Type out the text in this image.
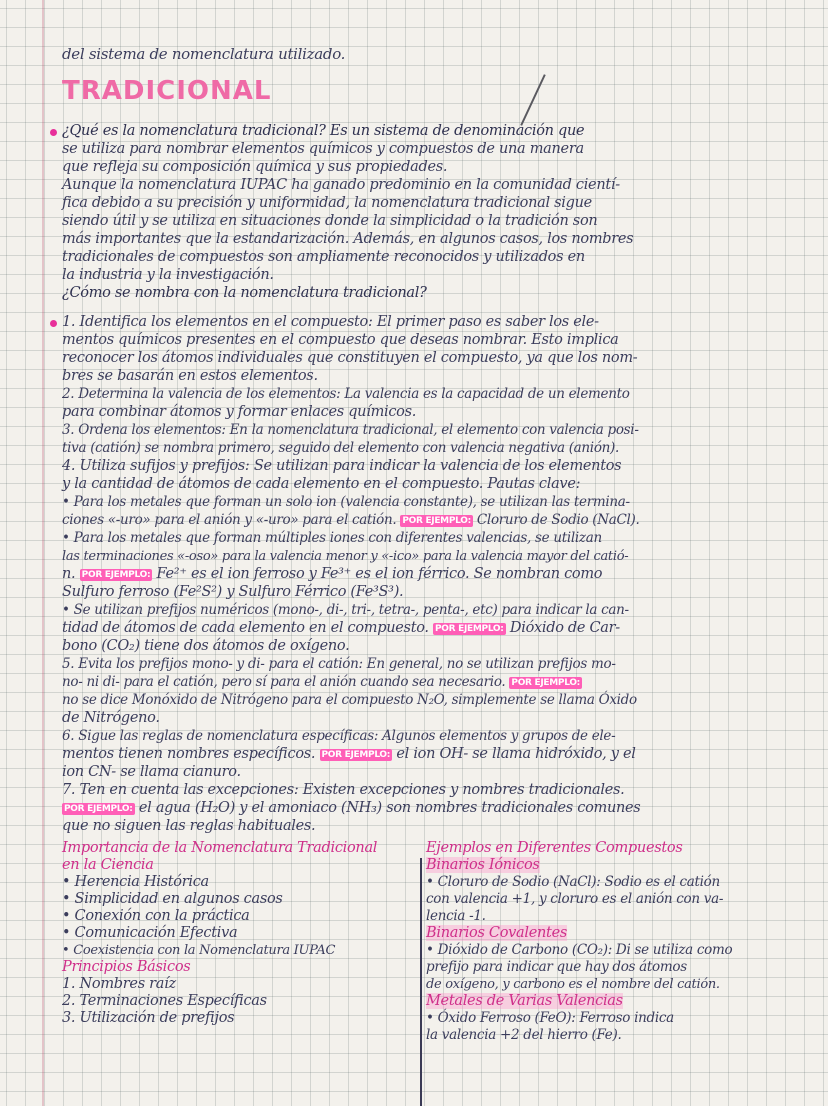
del sistema de nomenclatura utilizado.
TRADICIONAL
¿Qué es la nomenclatura tradicional? Es un sistema de denominación que
se utiliza para nombrar elementos químicos y compuestos de una manera
que refleja su composición química y sus propiedades.
Aunque la nomenclatura IUPAC ha ganado predominio en la comunidad cientí-
fica debido a su precisión y uniformidad, la nomenclatura tradicional sigue
siendo útil y se utiliza en situaciones donde la simplicidad o la tradición son
más importantes que la estandarización. Además, en algunos casos, los nombres
tradicionales de compuestos son ampliamente reconocidos y utilizados en
la industria y la investigación.
¿Cómo se nombra con la nomenclatura tradicional?
1. Identifica los elementos en el compuesto: El primer paso es saber los ele-
mentos químicos presentes en el compuesto que deseas nombrar. Esto implica
reconocer los átomos individuales que constituyen el compuesto, ya que los nom-
bres se basarán en estos elementos.
2. Determina la valencia de los elementos: La valencia es la capacidad de un elemento
para combinar átomos y formar enlaces químicos.
3. Ordena los elementos: En la nomenclatura tradicional, el elemento con valencia posi-
tiva (catión) se nombra primero, seguido del elemento con valencia negativa (anión).
4. Utiliza sufijos y prefijos: Se utilizan para indicar la valencia de los elementos
y la cantidad de átomos de cada elemento en el compuesto. Pautas clave:
• Para los metales que forman un solo ion (valencia constante), se utilizan las termina-
ciones «-uro» para el anión y «-uro» para el catión. POR EJEMPLO: Cloruro de Sodio (NaCl).
• Para los metales que forman múltiples iones con diferentes valencias, se utilizan
las terminaciones «-oso» para la valencia menor y «-ico» para la valencia mayor del catió-
n. POR EJEMPLO: Fe²⁺ es el ion ferroso y Fe³⁺ es el ion férrico. Se nombran como
Sulfuro ferroso (Fe²S²) y Sulfuro Férrico (Fe³S³).
• Se utilizan prefijos numéricos (mono-, di-, tri-, tetra-, penta-, etc) para indicar la can-
tidad de átomos de cada elemento en el compuesto. POR EJEMPLO: Dióxido de Car-
bono (CO₂) tiene dos átomos de oxígeno.
5. Evita los prefijos mono- y di- para el catión: En general, no se utilizan prefijos mo-
no- ni di- para el catión, pero sí para el anión cuando sea necesario. POR EJEMPLO:
no se dice Monóxido de Nitrógeno para el compuesto N₂O, simplemente se llama Óxido
de Nitrógeno.
6. Sigue las reglas de nomenclatura específicas: Algunos elementos y grupos de ele-
mentos tienen nombres específicos. POR EJEMPLO: el ion OH- se llama hidróxido, y el
ion CN- se llama cianuro.
7. Ten en cuenta las excepciones: Existen excepciones y nombres tradicionales.
POR EJEMPLO: el agua (H₂O) y el amoniaco (NH₃) son nombres tradicionales comunes
que no siguen las reglas habituales.
Importancia de la Nomenclatura Tradicional
en la Ciencia
• Herencia Histórica
• Simplicidad en algunos casos
• Conexión con la práctica
• Comunicación Efectiva
• Coexistencia con la Nomenclatura IUPAC
Principios Básicos
1. Nombres raíz
2. Terminaciones Específicas
3. Utilización de prefijos
Ejemplos en Diferentes Compuestos
Binarios Iónicos
• Cloruro de Sodio (NaCl): Sodio es el catión
con valencia +1, y cloruro es el anión con va-
lencia -1.
Binarios Covalentes
• Dióxido de Carbono (CO₂): Di se utiliza como
prefijo para indicar que hay dos átomos
de oxígeno, y carbono es el nombre del catión.
Metales de Varias Valencias
• Óxido Ferroso (FeO): Ferroso indica
la valencia +2 del hierro (Fe).
